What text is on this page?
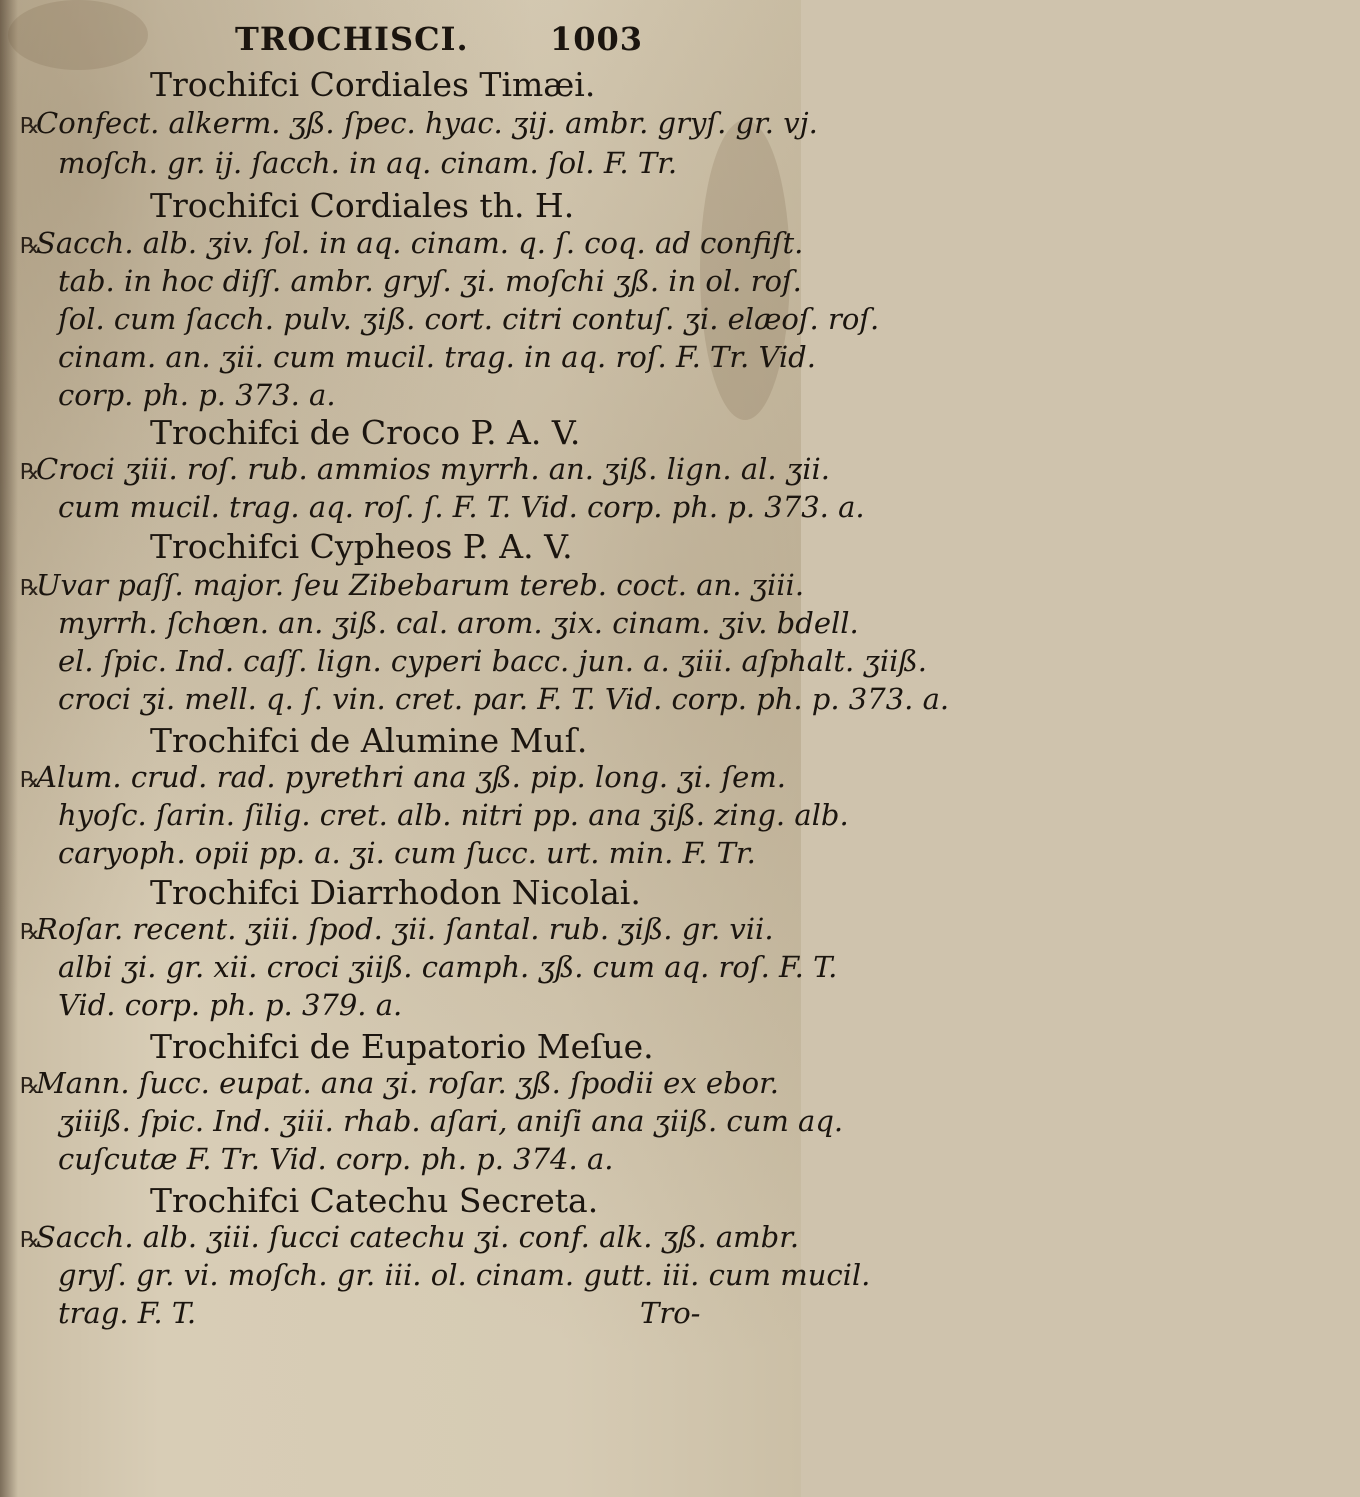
TROCHISCI.	1003
Trochifci Cordiales Timæi.
℞Confect. alkerm. ʒß. ſpec. hyac. ʒij. ambr. gryſ. gr. vj.
moſch. gr. ij. ſacch. in aq. cinam. ſol. F. Tr.
Trochifci Cordiales th. H.
℞Sacch. alb. ʒiv. ſol. in aq. cinam. q. ſ. coq. ad confiſt.
tab. in hoc diſſ. ambr. gryſ. ʒi. moſchi ʒß. in ol. roſ.
ſol. cum ſacch. pulv. ʒiß. cort. citri contuſ. ʒi. elæoſ. roſ.
cinam. an. ʒii. cum mucil. trag. in aq. roſ. F. Tr. Vid.
corp. ph. p. 373. a.
Trochifci de Croco P. A. V.
℞Croci ʒiii. roſ. rub. ammios myrrh. an. ʒiß. lign. al. ʒii.
cum mucil. trag. aq. roſ. ſ. F. T. Vid. corp. ph. p. 373. a.
Trochifci Cypheos P. A. V.
℞Uvar paſſ. major. ſeu Zibebarum tereb. coct. an. ʒiii.
myrrh. ſchœn. an. ʒiß. cal. arom. ʒix. cinam. ʒiv. bdell.
el. ſpic. Ind. caſſ. lign. cyperi bacc. jun. a. ʒiii. aſphalt. ʒiiß.
croci ʒi. mell. q. ſ. vin. cret. par. F. T. Vid. corp. ph. p. 373. a.
Trochifci de Alumine Muſ.
℞Alum. crud. rad. pyrethri ana ʒß. pip. long. ʒi. ſem.
hyoſc. ſarin. ſilig. cret. alb. nitri pp. ana ʒiß. zing. alb.
caryoph. opii pp. a. ʒi. cum ſucc. urt. min. F. Tr.
Trochifci Diarrhodon Nicolai.
℞Roſar. recent. ʒiii. ſpod. ʒii. ſantal. rub. ʒiß. gr. vii.
albi ʒi. gr. xii. croci ʒiiß. camph. ʒß. cum aq. roſ. F. T.
Vid. corp. ph. p. 379. a.
Trochifci de Eupatorio Meſue.
℞Mann. ſucc. eupat. ana ʒi. roſar. ʒß. ſpodii ex ebor.
ʒiiiß. ſpic. Ind. ʒiii. rhab. aſari, aniſi ana ʒiiß. cum aq.
cuſcutæ F. Tr. Vid. corp. ph. p. 374. a.
Trochifci Catechu Secreta.
℞Sacch. alb. ʒiii. ſucci catechu ʒi. conf. alk. ʒß. ambr.
gryſ. gr. vi. moſch. gr. iii. ol. cinam. gutt. iii. cum mucil.
trag. F. T.	Tro-
